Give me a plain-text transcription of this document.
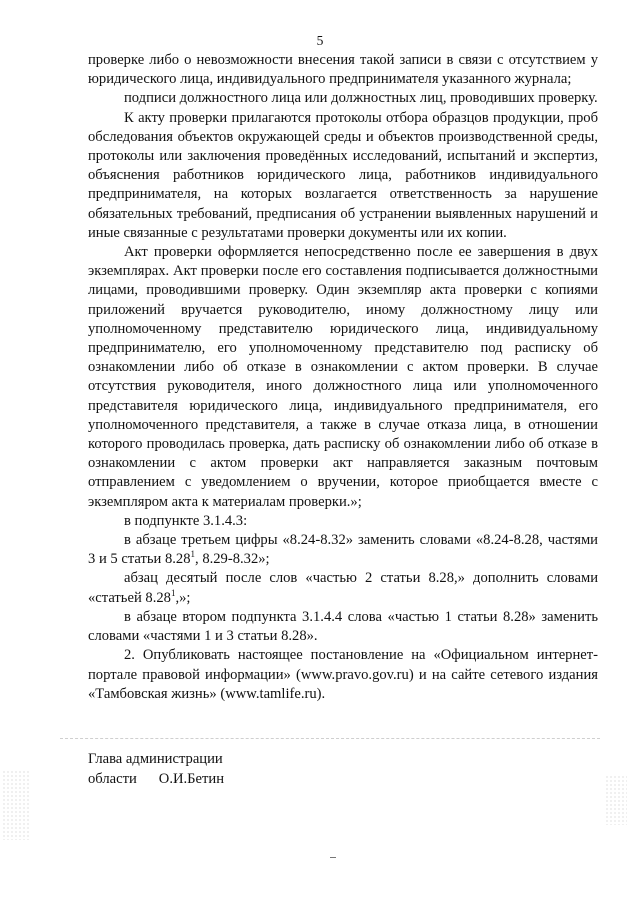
5

проверке либо о невозможности внесения такой записи в связи с отсутствием у юридического лица, индивидуального предпринимателя указанного журнала;

подписи должностного лица или должностных лиц, проводивших проверку.

К акту проверки прилагаются протоколы отбора образцов продукции, проб обследования объектов окружающей среды и объектов производственной среды, протоколы или заключения проведённых исследований, испытаний и экспертиз, объяснения работников юридического лица, работников индивидуального предпринимателя, на которых возлагается ответственность за нарушение обязательных требований, предписания об устранении выявленных нарушений и иные связанные с результатами проверки документы или их копии.

Акт проверки оформляется непосредственно после ее завершения в двух экземплярах. Акт проверки после его составления подписывается должностными лицами, проводившими проверку. Один экземпляр акта проверки с копиями приложений вручается руководителю, иному должностному лицу или уполномоченному представителю юридического лица, индивидуальному предпринимателю, его уполномоченному представителю под расписку об ознакомлении либо об отказе в ознакомлении с актом проверки. В случае отсутствия руководителя, иного должностного лица или уполномоченного представителя юридического лица, индивидуального предпринимателя, его уполномоченного представителя, а также в случае отказа лица, в отношении которого проводилась проверка, дать расписку об ознакомлении либо об отказе в ознакомлении с актом проверки акт направляется заказным почтовым отправлением с уведомлением о вручении, которое приобщается вместе с экземпляром акта к материалам проверки.»;

в подпункте 3.1.4.3:

в абзаце третьем цифры «8.24-8.32» заменить словами «8.24-8.28, частями 3 и 5 статьи 8.28$^1$, 8.29-8.32»;

абзац десятый после слов «частью 2 статьи 8.28,» дополнить словами «статьей 8.28$^1$,»;

в абзаце втором подпункта 3.1.4.4 слова «частью 1 статьи 8.28» заменить словами «частями 1 и 3 статьи 8.28».

2. Опубликовать настоящее постановление на «Официальном интернет-портале правовой информации» (www.pravo.gov.ru) и на сайте сетевого издания «Тамбовская жизнь» (www.tamlife.ru).

Глава администрации
области О.И.Бетин
